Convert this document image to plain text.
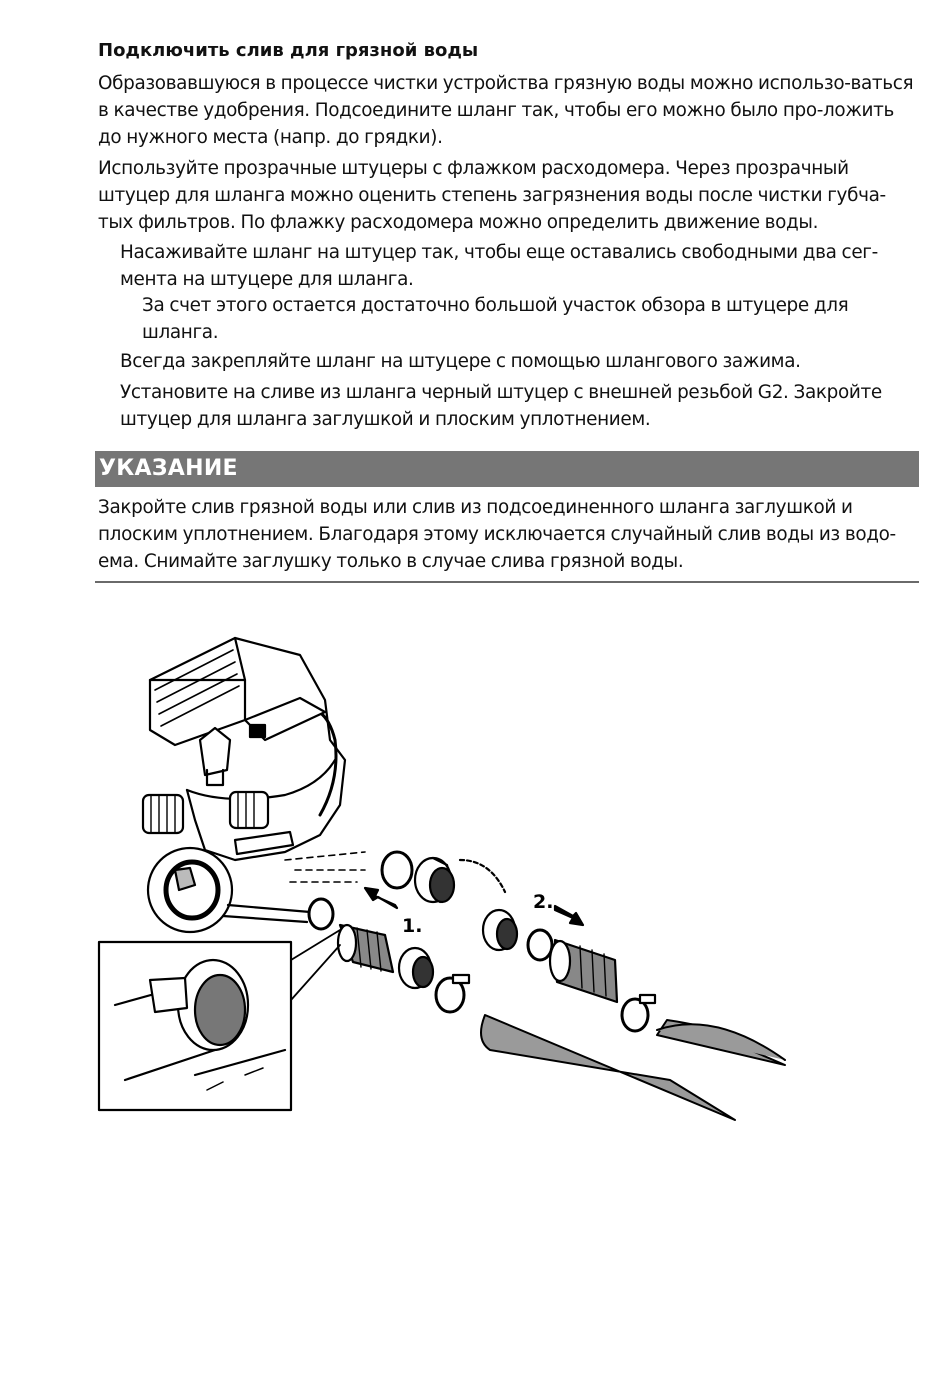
Подключить слив для грязной воды

Образовавшуюся в процессе чистки устройства грязную воды можно использо-ваться в качестве удобрения. Подсоедините шланг так, чтобы его можно было про-ложить до нужного места (напр. до грядки).

Используйте прозрачные штуцеры с флажком расходомера. Через прозрачный штуцер для шланга можно оценить степень загрязнения воды после чистки губча-тых фильтров. По флажку расходомера можно определить движение воды.

Насаживайте шланг на штуцер так, чтобы еще оставались свободными два сег-мента на штуцере для шланга.

За счет этого остается достаточно большой участок обзора в штуцере для шланга.

Всегда закрепляйте шланг на штуцере с помощью шлангового зажима.

Установите на сливе из шланга черный штуцер с внешней резьбой G2. Закройте штуцер для шланга заглушкой и плоским уплотнением.

УКАЗАНИЕ

Закройте слив грязной воды или слив из подсоединенного шланга заглушкой и плоским уплотнением. Благодаря этому исключается случайный слив воды из водо-ема. Снимайте заглушку только в случае слива грязной воды.

1.
2.
